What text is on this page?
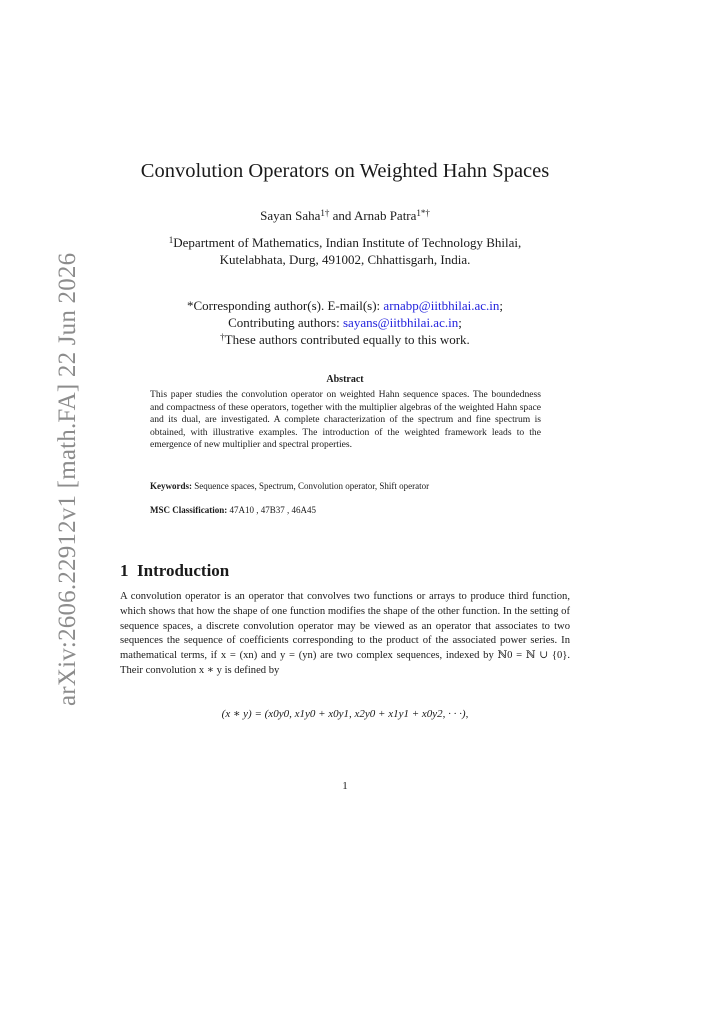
arXiv:2606.22912v1 [math.FA] 22 Jun 2026
Convolution Operators on Weighted Hahn Spaces
Sayan Saha$^{1\dagger}$ and Arnab Patra$^{1*\dagger}$
$^1$Department of Mathematics, Indian Institute of Technology Bhilai,
Kutelabhata, Durg, 491002, Chhattisgarh, India.
*Corresponding author(s). E-mail(s): arnabp@iitbhilai.ac.in;
Contributing authors: sayans@iitbhilai.ac.in;
†These authors contributed equally to this work.
Abstract
This paper studies the convolution operator on weighted Hahn sequence spaces. The boundedness and compactness of these operators, together with the multiplier algebras of the weighted Hahn space and its dual, are investigated. A complete characterization of the spectrum and fine spectrum is obtained, with illustrative examples. The introduction of the weighted framework leads to the emergence of new multiplier and spectral properties.
Keywords: Sequence spaces, Spectrum, Convolution operator, Shift operator
MSC Classification: 47A10 , 47B37 , 46A45
1 Introduction
A convolution operator is an operator that convolves two functions or arrays to produce third function, which shows that how the shape of one function modifies the shape of the other function. In the setting of sequence spaces, a discrete convolution operator may be viewed as an operator that associates to two sequences the sequence of coefficients corresponding to the product of the associated power series. In mathematical terms, if x = (xn) and y = (yn) are two complex sequences, indexed by ℕ0 = ℕ ∪ {0}. Their convolution x ∗ y is defined by
(x ∗ y) = (x0y0, x1y0 + x0y1, x2y0 + x1y1 + x0y2, · · ·),
1
